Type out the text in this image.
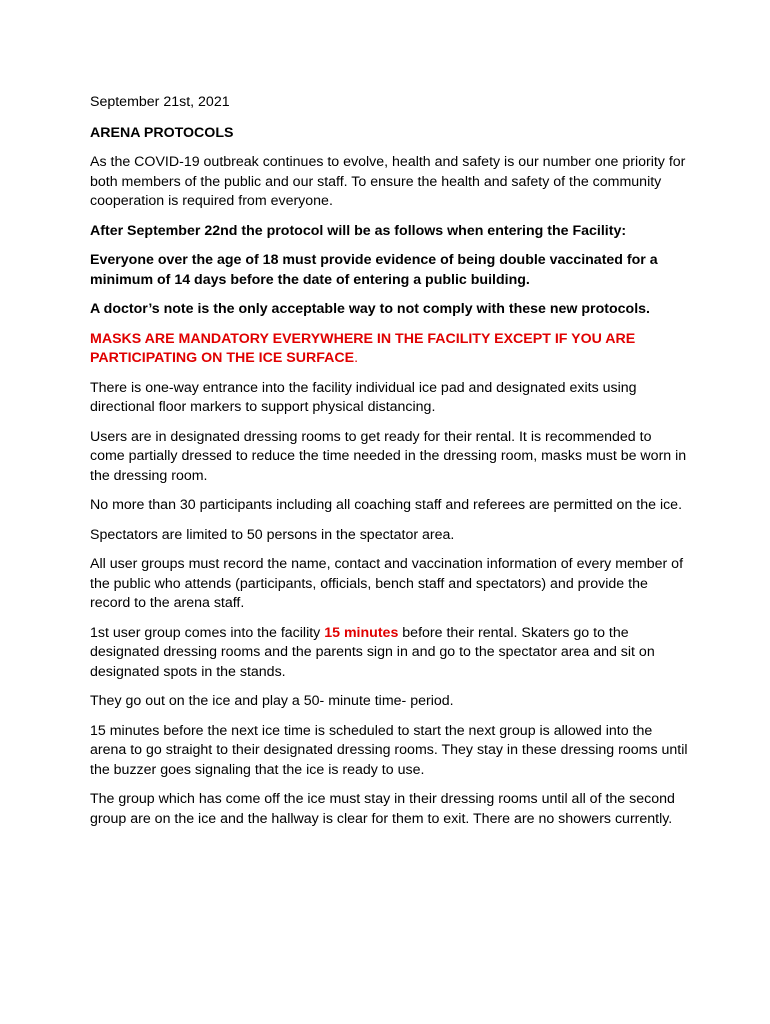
September 21st, 2021

ARENA PROTOCOLS

As the COVID-19 outbreak continues to evolve, health and safety is our number one priority for both members of the public and our staff. To ensure the health and safety of the community cooperation is required from everyone.

After September 22nd the protocol will be as follows when entering the Facility:

Everyone over the age of 18 must provide evidence of being double vaccinated for a minimum of 14 days before the date of entering a public building.

A doctor’s note is the only acceptable way to not comply with these new protocols.

MASKS ARE MANDATORY EVERYWHERE IN THE FACILITY EXCEPT IF YOU ARE PARTICIPATING ON THE ICE SURFACE.

There is one-way entrance into the facility individual ice pad and designated exits using directional floor markers to support physical distancing.

Users are in designated dressing rooms to get ready for their rental. It is recommended to come partially dressed to reduce the time needed in the dressing room, masks must be worn in the dressing room.

No more than 30 participants including all coaching staff and referees are permitted on the ice.

Spectators are limited to 50 persons in the spectator area.

All user groups must record the name, contact and vaccination information of every member of the public who attends (participants, officials, bench staff and spectators) and provide the record to the arena staff.

1st user group comes into the facility 15 minutes before their rental. Skaters go to the designated dressing rooms and the parents sign in and go to the spectator area and sit on designated spots in the stands.

They go out on the ice and play a 50- minute time- period.

15 minutes before the next ice time is scheduled to start the next group is allowed into the arena to go straight to their designated dressing rooms. They stay in these dressing rooms until the buzzer goes signaling that the ice is ready to use.

The group which has come off the ice must stay in their dressing rooms until all of the second group are on the ice and the hallway is clear for them to exit. There are no showers currently.
